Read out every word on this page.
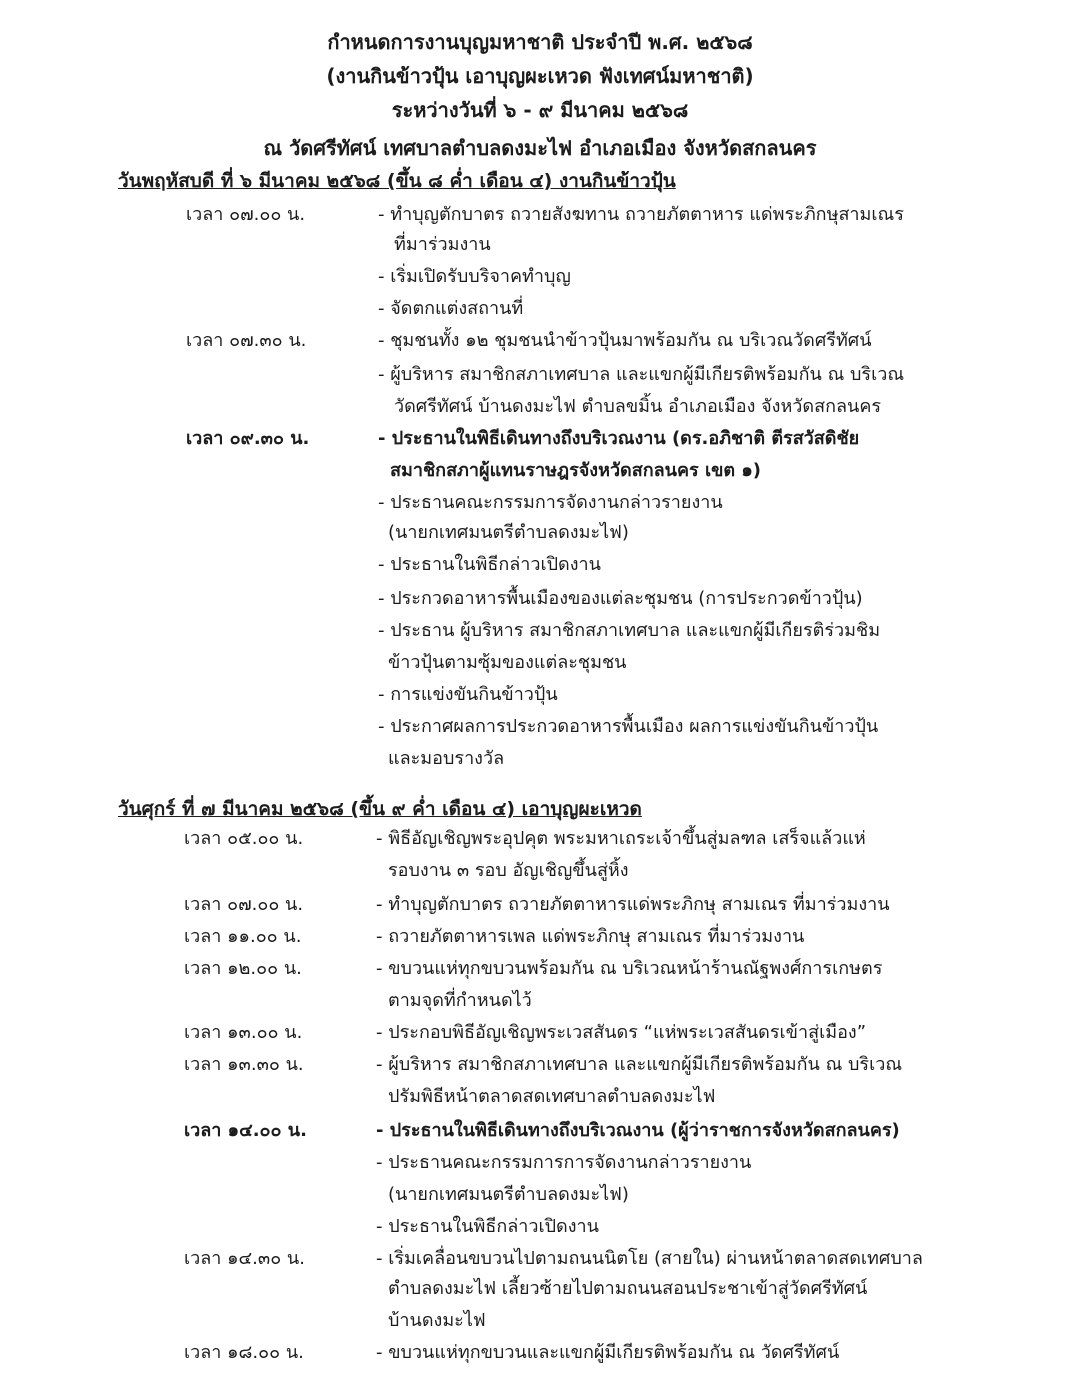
กำหนดการงานบุญมหาชาติ ประจำปี พ.ศ. ๒๕๖๘
(งานกินข้าวปุ้น เอาบุญผะเหวด ฟังเทศน์มหาชาติ)
ระหว่างวันที่ ๖ - ๙ มีนาคม ๒๕๖๘
ณ วัดศรีทัศน์ เทศบาลตำบลดงมะไฟ อำเภอเมือง จังหวัดสกลนคร
วันพฤหัสบดี ที่ ๖ มีนาคม ๒๕๖๘ (ขึ้น ๘ ค่ำ เดือน ๔) งานกินข้าวปุ้น
เวลา ๐๗.๐๐ น.	- ทำบุญตักบาตร ถวายสังฆทาน ถวายภัตตาหาร แด่พระภิกษุสามเณร
ที่มาร่วมงาน
- เริ่มเปิดรับบริจาคทำบุญ
- จัดตกแต่งสถานที่
เวลา ๐๗.๓๐ น.	- ชุมชนทั้ง ๑๒ ชุมชนนำข้าวปุ้นมาพร้อมกัน ณ บริเวณวัดศรีทัศน์
- ผู้บริหาร สมาชิกสภาเทศบาล และแขกผู้มีเกียรติพร้อมกัน ณ บริเวณ
วัดศรีทัศน์ บ้านดงมะไฟ ตำบลขมิ้น อำเภอเมือง จังหวัดสกลนคร
เวลา ๐๙.๓๐ น.	- ประธานในพิธีเดินทางถึงบริเวณงาน (ดร.อภิชาติ ตีรสวัสดิชัย
สมาชิกสภาผู้แทนราษฎรจังหวัดสกลนคร เขต ๑)
- ประธานคณะกรรมการจัดงานกล่าวรายงาน
(นายกเทศมนตรีตำบลดงมะไฟ)
- ประธานในพิธีกล่าวเปิดงาน
- ประกวดอาหารพื้นเมืองของแต่ละชุมชน (การประกวดข้าวปุ้น)
- ประธาน ผู้บริหาร สมาชิกสภาเทศบาล และแขกผู้มีเกียรติร่วมชิม
ข้าวปุ้นตามซุ้มของแต่ละชุมชน
- การแข่งขันกินข้าวปุ้น
- ประกาศผลการประกวดอาหารพื้นเมือง ผลการแข่งขันกินข้าวปุ้น
และมอบรางวัล
วันศุกร์ ที่ ๗ มีนาคม ๒๕๖๘ (ขึ้น ๙ ค่ำ เดือน ๔) เอาบุญผะเหวด
เวลา ๐๕.๐๐ น.	- พิธีอัญเชิญพระอุปคุต พระมหาเถระเจ้าขึ้นสู่มลฑล เสร็จแล้วแห่
รอบงาน ๓ รอบ อัญเชิญขึ้นสู่หิ้ง
เวลา ๐๗.๐๐ น.	- ทำบุญตักบาตร ถวายภัตตาหารแด่พระภิกษุ สามเณร ที่มาร่วมงาน
เวลา ๑๑.๐๐ น.	- ถวายภัตตาหารเพล แด่พระภิกษุ สามเณร ที่มาร่วมงาน
เวลา ๑๒.๐๐ น.	- ขบวนแห่ทุกขบวนพร้อมกัน ณ บริเวณหน้าร้านณัฐพงศ์การเกษตร
ตามจุดที่กำหนดไว้
เวลา ๑๓.๐๐ น.	- ประกอบพิธีอัญเชิญพระเวสสันดร “แห่พระเวสสันดรเข้าสู่เมือง”
เวลา ๑๓.๓๐ น.	- ผู้บริหาร สมาชิกสภาเทศบาล และแขกผู้มีเกียรติพร้อมกัน ณ บริเวณ
ปรัมพิธีหน้าตลาดสดเทศบาลตำบลดงมะไฟ
เวลา ๑๔.๐๐ น.	- ประธานในพิธีเดินทางถึงบริเวณงาน (ผู้ว่าราชการจังหวัดสกลนคร)
- ประธานคณะกรรมการการจัดงานกล่าวรายงาน
(นายกเทศมนตรีตำบลดงมะไฟ)
- ประธานในพิธีกล่าวเปิดงาน
เวลา ๑๔.๓๐ น.	- เริ่มเคลื่อนขบวนไปตามถนนนิตโย (สายใน) ผ่านหน้าตลาดสดเทศบาล
ตำบลดงมะไฟ เลี้ยวซ้ายไปตามถนนสอนประชาเข้าสู่วัดศรีทัศน์
บ้านดงมะไฟ
เวลา ๑๘.๐๐ น.	- ขบวนแห่ทุกขบวนและแขกผู้มีเกียรติพร้อมกัน ณ วัดศรีทัศน์
